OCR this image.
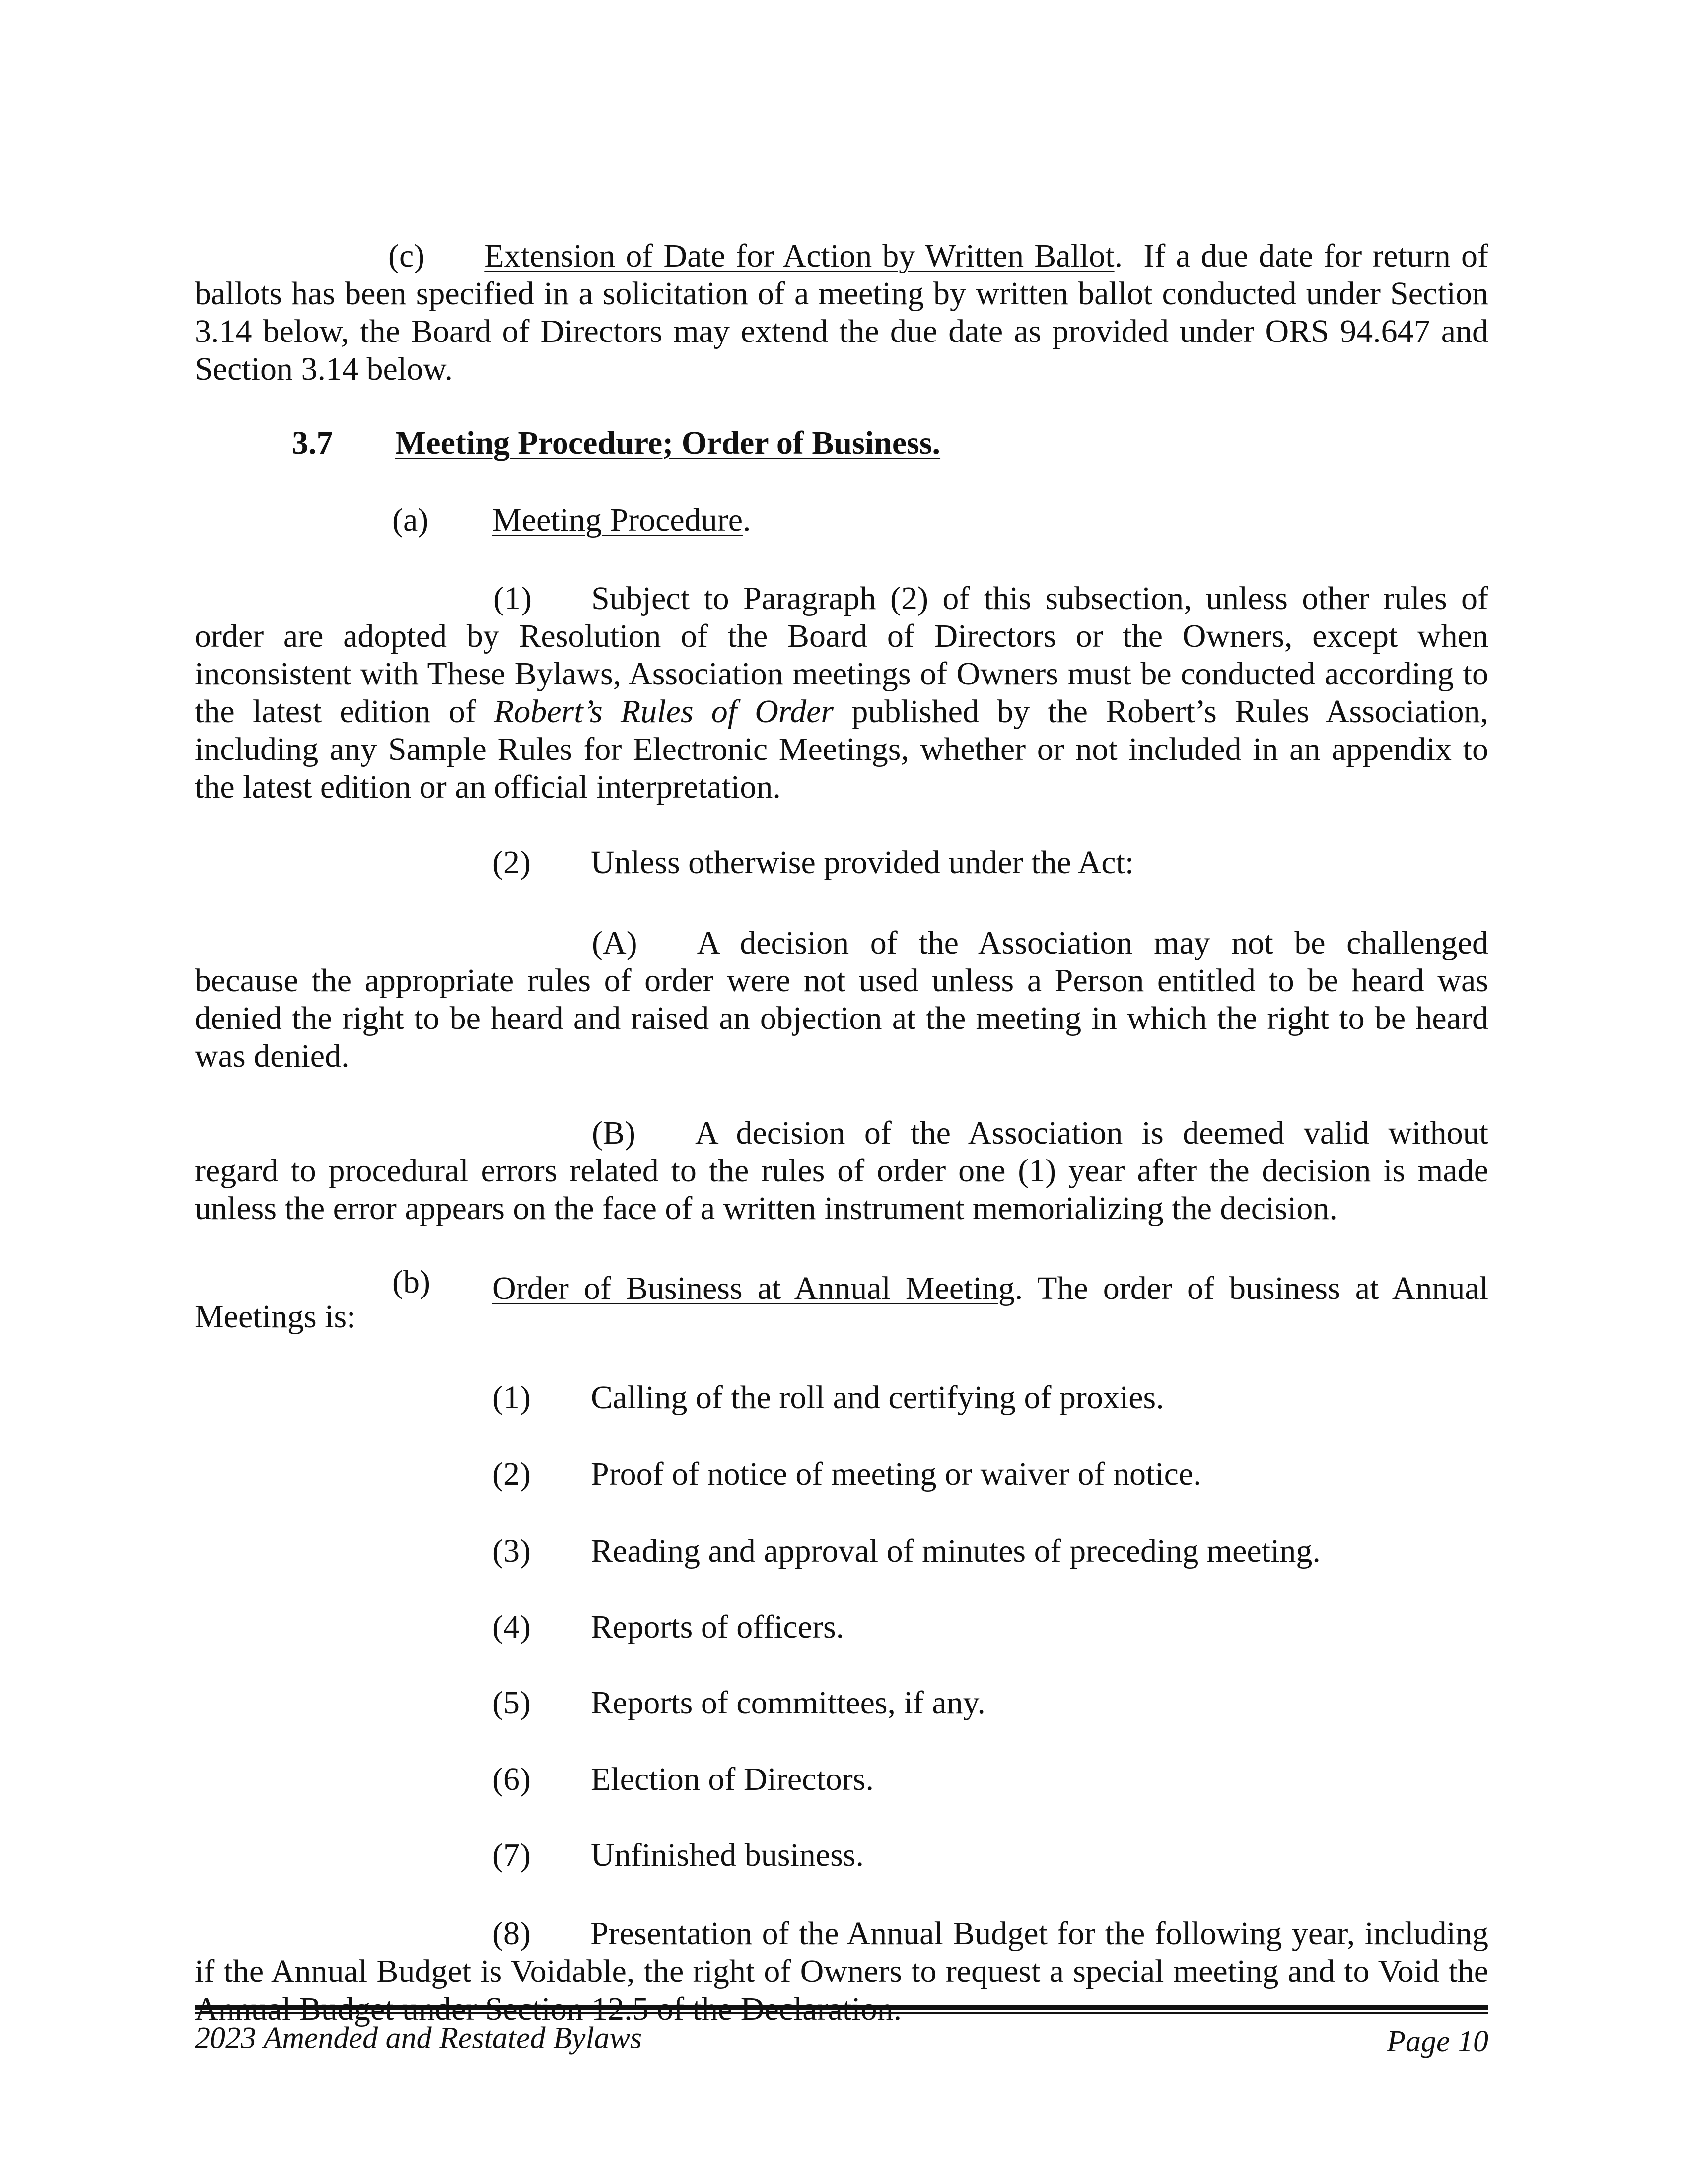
(c) Extension of Date for Action by Written Ballot.  If a due date for return of ballots has been specified in a solicitation of a meeting by written ballot conducted under Section 3.14 below, the Board of Directors may extend the due date as provided under ORS 94.647 and Section 3.14 below.
3.7 Meeting Procedure; Order of Business.
(a) Meeting Procedure.
(1) Subject to Paragraph (2) of this subsection, unless other rules of order are adopted by Resolution of the Board of Directors or the Owners, except when inconsistent with These Bylaws, Association meetings of Owners must be conducted according to the latest edition of Robert’s Rules of Order published by the Robert’s Rules Association, including any Sample Rules for Electronic Meetings, whether or not included in an appendix to the latest edition or an official interpretation.
(2) Unless otherwise provided under the Act:
(A) A decision of the Association may not be challenged because the appropriate rules of order were not used unless a Person entitled to be heard was denied the right to be heard and raised an objection at the meeting in which the right to be heard was denied.
(B) A decision of the Association is deemed valid without regard to procedural errors related to the rules of order one (1) year after the decision is made unless the error appears on the face of a written instrument memorializing the decision.
(b) Order of Business at Annual Meeting. The order of business at Annual
Meetings is:
(1) Calling of the roll and certifying of proxies.
(2) Proof of notice of meeting or waiver of notice.
(3) Reading and approval of minutes of preceding meeting.
(4) Reports of officers.
(5) Reports of committees, if any.
(6) Election of Directors.
(7) Unfinished business.
(8) Presentation of the Annual Budget for the following year, including if the Annual Budget is Voidable, the right of Owners to request a special meeting and to Void the
2023 Amended and Restated Bylaws	Page 10
